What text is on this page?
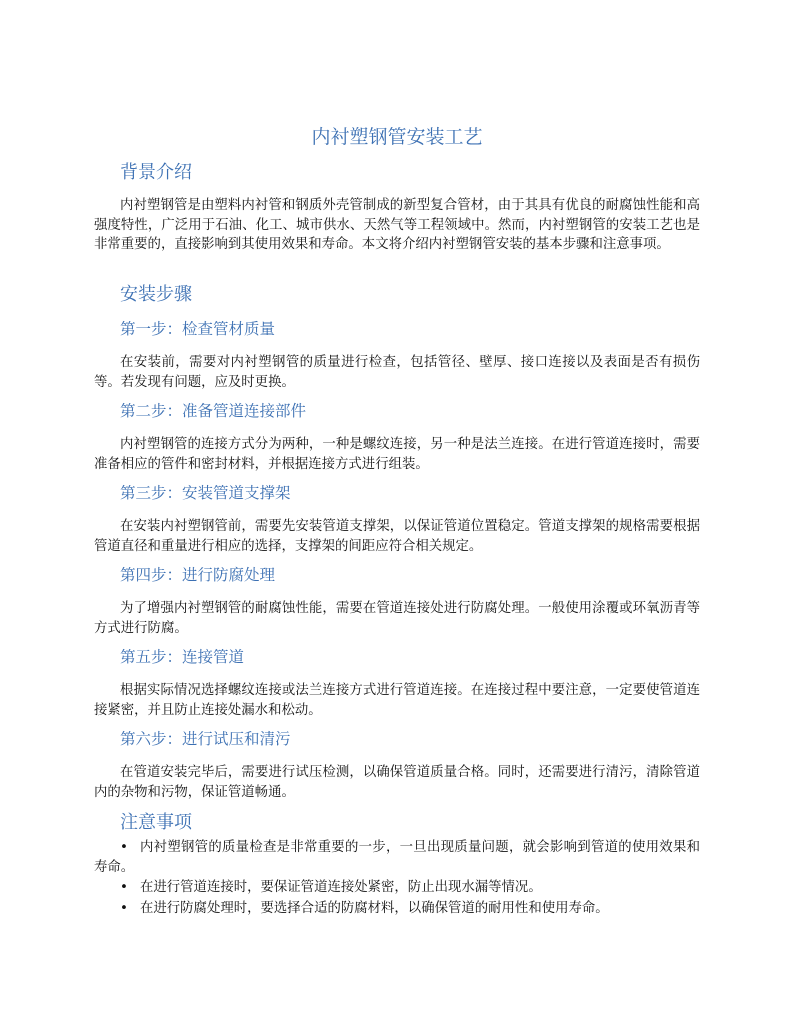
内衬塑钢管安装工艺
背景介绍

内衬塑钢管是由塑料内衬管和钢质外壳管制成的新型复合管材，由于其具有优良的耐腐蚀性能和高强度特性，广泛用于石油、化工、城市供水、天然气等工程领域中。然而，内衬塑钢管的安装工艺也是非常重要的，直接影响到其使用效果和寿命。本文将介绍内衬塑钢管安装的基本步骤和注意事项。

安装步骤
第一步：检查管材质量

在安装前，需要对内衬塑钢管的质量进行检查，包括管径、壁厚、接口连接以及表面是否有损伤等。若发现有问题，应及时更换。

第二步：准备管道连接部件

内衬塑钢管的连接方式分为两种，一种是螺纹连接，另一种是法兰连接。在进行管道连接时，需要准备相应的管件和密封材料，并根据连接方式进行组装。

第三步：安装管道支撑架

在安装内衬塑钢管前，需要先安装管道支撑架，以保证管道位置稳定。管道支撑架的规格需要根据管道直径和重量进行相应的选择，支撑架的间距应符合相关规定。

第四步：进行防腐处理

为了增强内衬塑钢管的耐腐蚀性能，需要在管道连接处进行防腐处理。一般使用涂覆或环氧沥青等方式进行防腐。

第五步：连接管道

根据实际情况选择螺纹连接或法兰连接方式进行管道连接。在连接过程中要注意，一定要使管道连接紧密，并且防止连接处漏水和松动。

第六步：进行试压和清污

在管道安装完毕后，需要进行试压检测，以确保管道质量合格。同时，还需要进行清污，清除管道内的杂物和污物，保证管道畅通。

注意事项
• 内衬塑钢管的质量检查是非常重要的一步，一旦出现质量问题，就会影响到管道的使用效果和寿命。
• 在进行管道连接时，要保证管道连接处紧密，防止出现水漏等情况。
• 在进行防腐处理时，要选择合适的防腐材料，以确保管道的耐用性和使用寿命。
